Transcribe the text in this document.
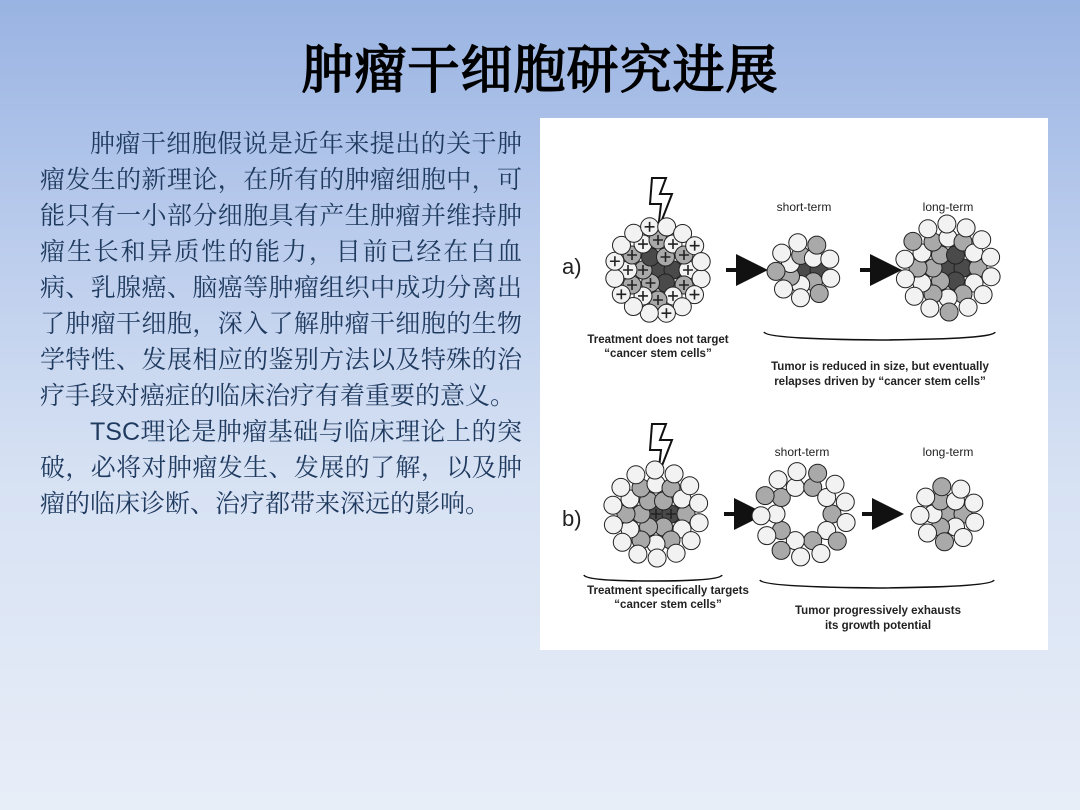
肿瘤干细胞研究进展

肿瘤干细胞假说是近年来提出的关于肿瘤发生的新理论，在所有的肿瘤细胞中，可能只有一小部分细胞具有产生肿瘤并维持肿瘤生长和异质性的能力，目前已经在白血病、乳腺癌、脑癌等肿瘤组织中成功分离出了肿瘤干细胞，深入了解肿瘤干细胞的生物学特性、发展相应的鉴别方法以及特殊的治疗手段对癌症的临床治疗有着重要的意义。

TSC理论是肿瘤基础与临床理论上的突破，必将对肿瘤发生、发展的了解，以及肿瘤的临床诊断、治疗都带来深远的影响。

a)
short-term	long-term
Treatment does not target
“cancer stem cells”
Tumor is reduced in size, but eventually
relapses driven by “cancer stem cells”
b)
short-term	long-term
Treatment specifically targets
“cancer stem cells”	Tumor progressively exhausts
its growth potential
